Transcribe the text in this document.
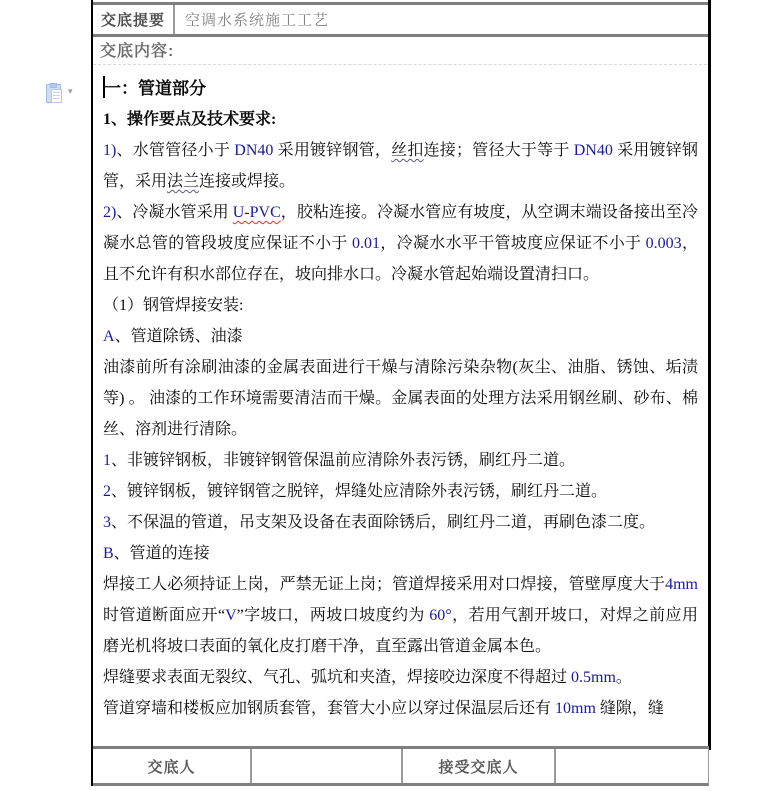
交底提要	空调水系统施工工艺
交底内容:

一：管道部分

1、操作要点及技术要求:

1)、水管管径小于 DN40 采用镀锌钢管，丝扣连接；管径大于等于 DN40 采用镀锌钢管，采用法兰连接或焊接。

2)、冷凝水管采用 U-PVC，胶粘连接。冷凝水管应有坡度，从空调末端设备接出至冷凝水总管的管段坡度应保证不小于 0.01，冷凝水水平干管坡度应保证不小于 0.003，且不允许有积水部位存在，坡向排水口。冷凝水管起始端设置清扫口。

（1）钢管焊接安装:

A、管道除锈、油漆

油漆前所有涂刷油漆的金属表面进行干燥与清除污染杂物(灰尘、油脂、锈蚀、垢渍等) 。 油漆的工作环境需要清洁而干燥。金属表面的处理方法采用钢丝刷、砂布、棉丝、溶剂进行清除。

1、非镀锌钢板，非镀锌钢管保温前应清除外表污锈，刷红丹二道。

2、镀锌钢板，镀锌钢管之脱锌，焊缝处应清除外表污锈，刷红丹二道。

3、不保温的管道，吊支架及设备在表面除锈后，刷红丹二道，再刷色漆二度。

B、管道的连接

焊接工人必须持证上岗，严禁无证上岗；管道焊接采用对口焊接，管壁厚度大于4mm 时管道断面应开“V”字坡口，两坡口坡度约为 60°，若用气割开坡口，对焊之前应用磨光机将坡口表面的氧化皮打磨干净，直至露出管道金属本色。

焊缝要求表面无裂纹、气孔、弧坑和夹渣，焊接咬边深度不得超过 0.5mm。

管道穿墙和楼板应加钢质套管，套管大小应以穿过保温层后还有 10mm 缝隙，缝

交底人	接受交底人
▾
